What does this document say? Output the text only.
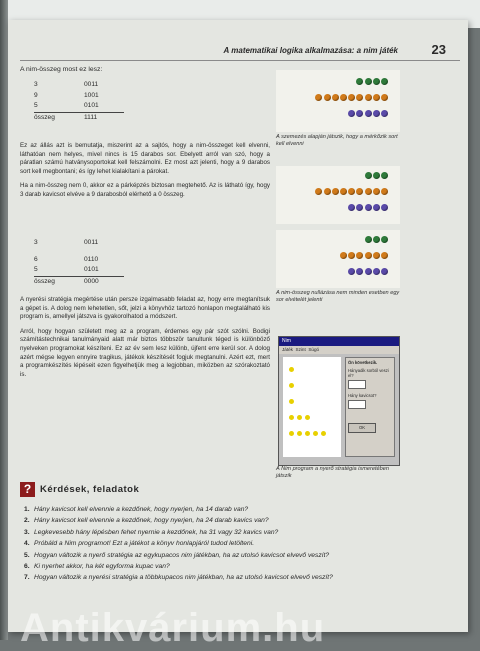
A matematikai logika alkalmazása: a nim játék	23
A nim-összeg most ez lesz:
3	0011
9	1001
5	0101
összeg	1111

Ez az állás azt is bemutatja, miszerint az a sajtós, hogy a nim-összeget kell elvenni, láthatóan nem helyes, mivel nincs is 15 darabos sor. Ebelyett arról van szó, hogy a páratlan számú hatványsoportokat kell felszámolni. Ez most azt jelenti, hogy a 9 darabos sort kell megbontani; és így lehet kialakítani a párokat.

Ha a nim-összeg nem 0, akkor ez a párképzés biztosan megtehető. Az is látható így, hogy 3 darab kavicsot elvéve a 9 darabosból elérhető a 0 összeg.

3	0011
6	0110
5	0101
összeg	0000

A nyerési stratégia megértése után persze izgalmasabb feladat az, hogy erre megtanítsuk a gépet is. A dolog nem lehetetlen, sőt, jelzi a könyvhöz tartozó honlapon megtalálható kis program is, amellyel játszva is gyakorolhatod a módszert.

Arról, hogy hogyan született meg az a program, érdemes egy pár szót szólni. Bodigi számítástechnikai tanulmányaid alatt már biztos többször tanultunk téged is különböző nyelveken programokat készíteni. Ez az év sem lesz különb, újfent erre kerül sor. A dolog azért mégse legyen ennyire tragikus, játékok készítését fogjuk megtanulni. Azért ezt, mert a programkészítés lépéseit ezen figyelhetjük meg a legjobban, miközben az szórakoztató is.

A szemezés alapján játszik, hogy a mérkőzik sort kell elvenni
A nim-összeg nullázása nem minden esetben egy sor elvételét jelenti
Nim
Játék Szint Súgó
Ön következik.
Hányadik sorból veszi el?
Hány kavicsot?
OK
A Nim program a nyerő stratégia ismeretében játszik
? Kérdések, feladatok
1. Hány kavicsot kell elvennie a kezdőnek, hogy nyerjen, ha 14 darab van?
2. Hány kavicsot kell elvennie a kezdőnek, hogy nyerjen, ha 24 darab kavics van?
3. Legkevesebb hány lépésben fehet nyernie a kezdőnek, ha 31 vagy 32 kavics van?
4. Próbáld a Nim programot! Ezt a játékot a könyv honlapjáról tudod letölteni.
5. Hogyan változik a nyerő stratégia az egykupacos nim játékban, ha az utolsó kavicsot elvevő veszít?
6. Ki nyerhet akkor, ha két egyforma kupac van?
7. Hogyan változik a nyerési stratégia a többkupacos nim játékban, ha az utolsó kavicsot elvevő veszít?
Antikvárium.hu
